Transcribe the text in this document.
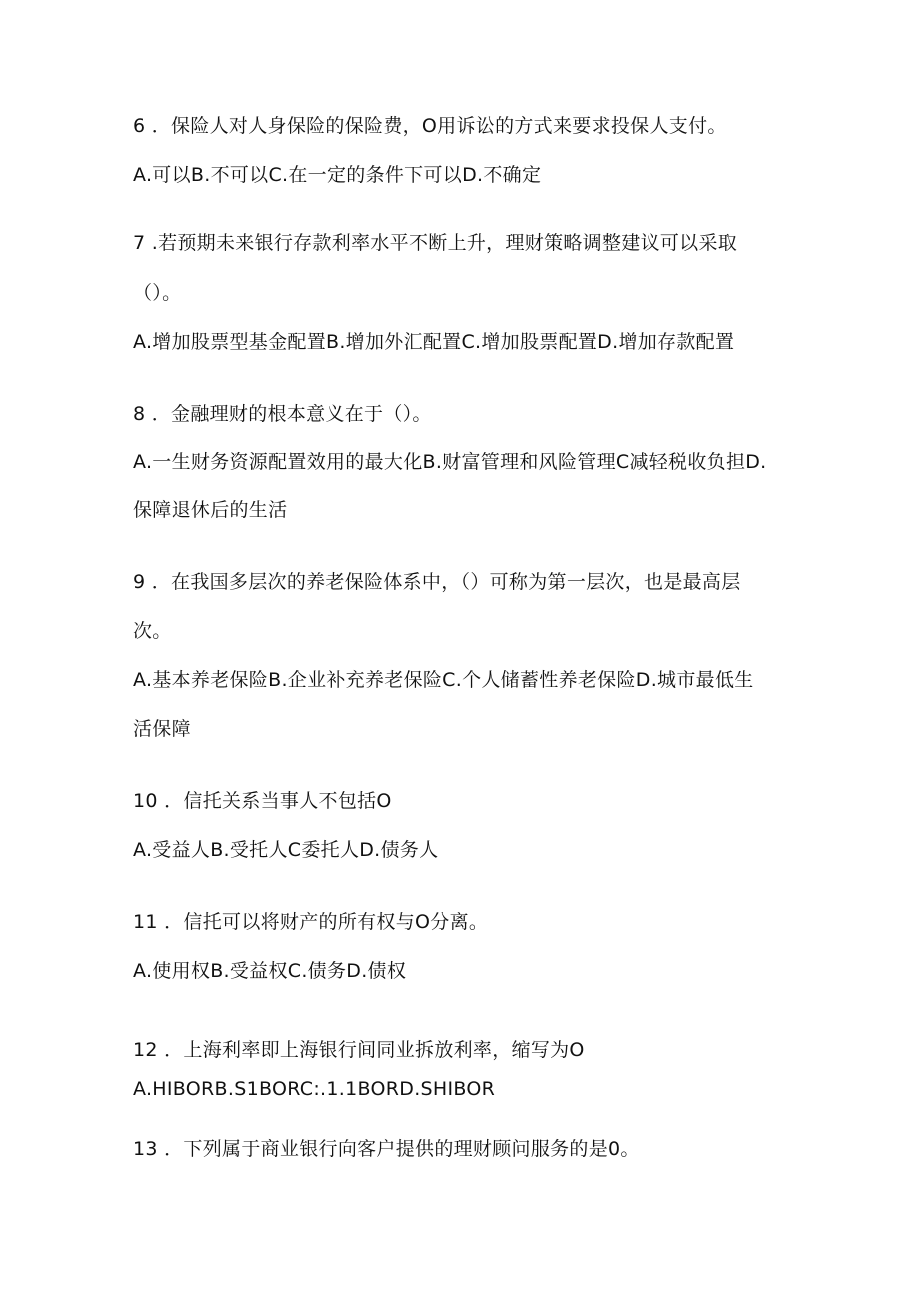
6 ．保险人对人身保险的保险费，O用诉讼的方式来要求投保人支付。
A.可以B.不可以C.在一定的条件下可以D.不确定
7 .若预期未来银行存款利率水平不断上升，理财策略调整建议可以采取
（）。
A.增加股票型基金配置B.增加外汇配置C.增加股票配置D.增加存款配置
8 ．金融理财的根本意义在于（）。
A.一生财务资源配置效用的最大化B.财富管理和风险管理C减轻税收负担D.
保障退休后的生活
9 ．在我国多层次的养老保险体系中，（）可称为第一层次，也是最高层
次。
A.基本养老保险B.企业补充养老保险C.个人储蓄性养老保险D.城市最低生
活保障
10 ．信托关系当事人不包括O
A.受益人B.受托人C委托人D.债务人
11 ．信托可以将财产的所有权与O分离。
A.使用权B.受益权C.债务D.债权
12 ．上海利率即上海银行间同业拆放利率，缩写为O
A.HIBORB.S1BORC:.1.1BORD.SHIBOR
13 ．下列属于商业银行向客户提供的理财顾问服务的是0。
